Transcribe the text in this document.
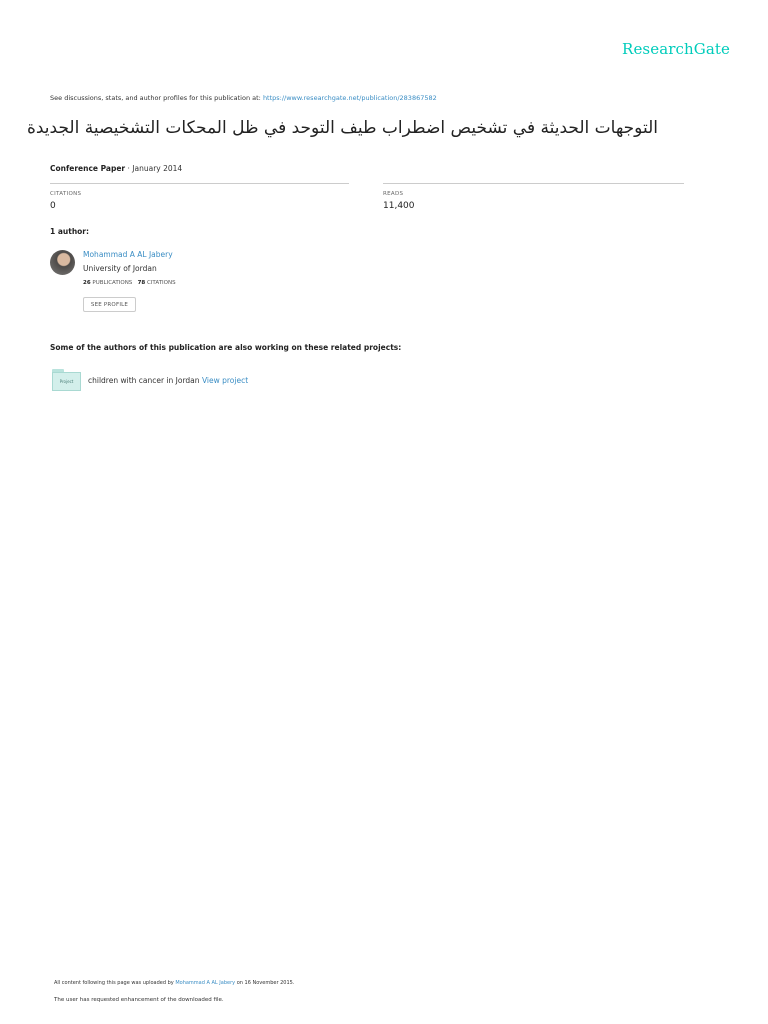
ResearchGate
See discussions, stats, and author profiles for this publication at: https://www.researchgate.net/publication/283867582
التوجهات الحديثة في تشخيص اضطراب طيف التوحد في ظل المحكات التشخيصية الجديدة
Conference Paper · January 2014
CITATIONS
0
READS
11,400
1 author:
Mohammad A AL Jabery
University of Jordan
26 PUBLICATIONS 78 CITATIONS
SEE PROFILE
Some of the authors of this publication are also working on these related projects:
Project	children with cancer in Jordan View project
All content following this page was uploaded by Mohammad A AL Jabery on 16 November 2015.
The user has requested enhancement of the downloaded file.
